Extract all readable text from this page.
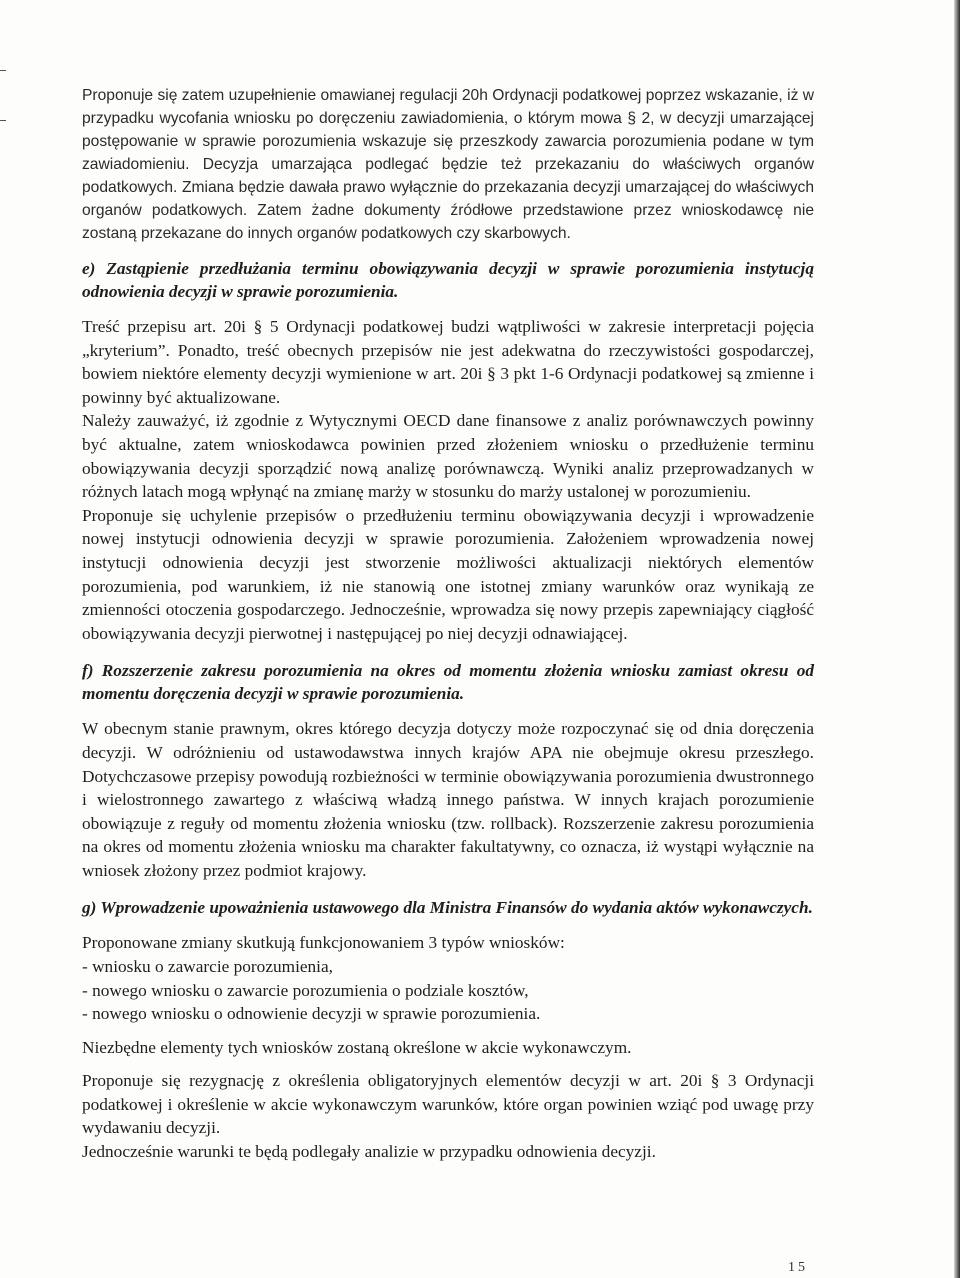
Proponuje się zatem uzupełnienie omawianej regulacji 20h Ordynacji podatkowej poprzez wskazanie, iż w przypadku wycofania wniosku po doręczeniu zawiadomienia, o którym mowa § 2, w decyzji umarzającej postępowanie w sprawie porozumienia wskazuje się przeszkody zawarcia porozumienia podane w tym zawiadomieniu. Decyzja umarzająca podlegać będzie też przekazaniu do właściwych organów podatkowych. Zmiana będzie dawała prawo wyłącznie do przekazania decyzji umarzającej do właściwych organów podatkowych. Zatem żadne dokumenty źródłowe przedstawione przez wnioskodawcę nie zostaną przekazane do innych organów podatkowych czy skarbowych.

e) Zastąpienie przedłużania terminu obowiązywania decyzji w sprawie porozumienia instytucją odnowienia decyzji w sprawie porozumienia.

Treść przepisu art. 20i § 5 Ordynacji podatkowej budzi wątpliwości w zakresie interpretacji pojęcia „kryterium”. Ponadto, treść obecnych przepisów nie jest adekwatna do rzeczywistości gospodarczej, bowiem niektóre elementy decyzji wymienione w art. 20i § 3 pkt 1-6 Ordynacji podatkowej są zmienne i powinny być aktualizowane.

Należy zauważyć, iż zgodnie z Wytycznymi OECD dane finansowe z analiz porównawczych powinny być aktualne, zatem wnioskodawca powinien przed złożeniem wniosku o przedłużenie terminu obowiązywania decyzji sporządzić nową analizę porównawczą. Wyniki analiz przeprowadzanych w różnych latach mogą wpłynąć na zmianę marży w stosunku do marży ustalonej w porozumieniu.

Proponuje się uchylenie przepisów o przedłużeniu terminu obowiązywania decyzji i wprowadzenie nowej instytucji odnowienia decyzji w sprawie porozumienia. Założeniem wprowadzenia nowej instytucji odnowienia decyzji jest stworzenie możliwości aktualizacji niektórych elementów porozumienia, pod warunkiem, iż nie stanowią one istotnej zmiany warunków oraz wynikają ze zmienności otoczenia gospodarczego. Jednocześnie, wprowadza się nowy przepis zapewniający ciągłość obowiązywania decyzji pierwotnej i następującej po niej decyzji odnawiającej.

f) Rozszerzenie zakresu porozumienia na okres od momentu złożenia wniosku zamiast okresu od momentu doręczenia decyzji w sprawie porozumienia.

W obecnym stanie prawnym, okres którego decyzja dotyczy może rozpoczynać się od dnia doręczenia decyzji. W odróżnieniu od ustawodawstwa innych krajów APA nie obejmuje okresu przeszłego. Dotychczasowe przepisy powodują rozbieżności w terminie obowiązywania porozumienia dwustronnego i wielostronnego zawartego z właściwą władzą innego państwa. W innych krajach porozumienie obowiązuje z reguły od momentu złożenia wniosku (tzw. rollback). Rozszerzenie zakresu porozumienia na okres od momentu złożenia wniosku ma charakter fakultatywny, co oznacza, iż wystąpi wyłącznie na wniosek złożony przez podmiot krajowy.

g) Wprowadzenie upoważnienia ustawowego dla Ministra Finansów do wydania aktów wykonawczych.

Proponowane zmiany skutkują funkcjonowaniem 3 typów wniosków:

- wniosku o zawarcie porozumienia,
- nowego wniosku o zawarcie porozumienia o podziale kosztów,
- nowego wniosku o odnowienie decyzji w sprawie porozumienia.

Niezbędne elementy tych wniosków zostaną określone w akcie wykonawczym.

Proponuje się rezygnację z określenia obligatoryjnych elementów decyzji w art. 20i § 3 Ordynacji podatkowej i określenie w akcie wykonawczym warunków, które organ powinien wziąć pod uwagę przy wydawaniu decyzji.

Jednocześnie warunki te będą podlegały analizie w przypadku odnowienia decyzji.

15
